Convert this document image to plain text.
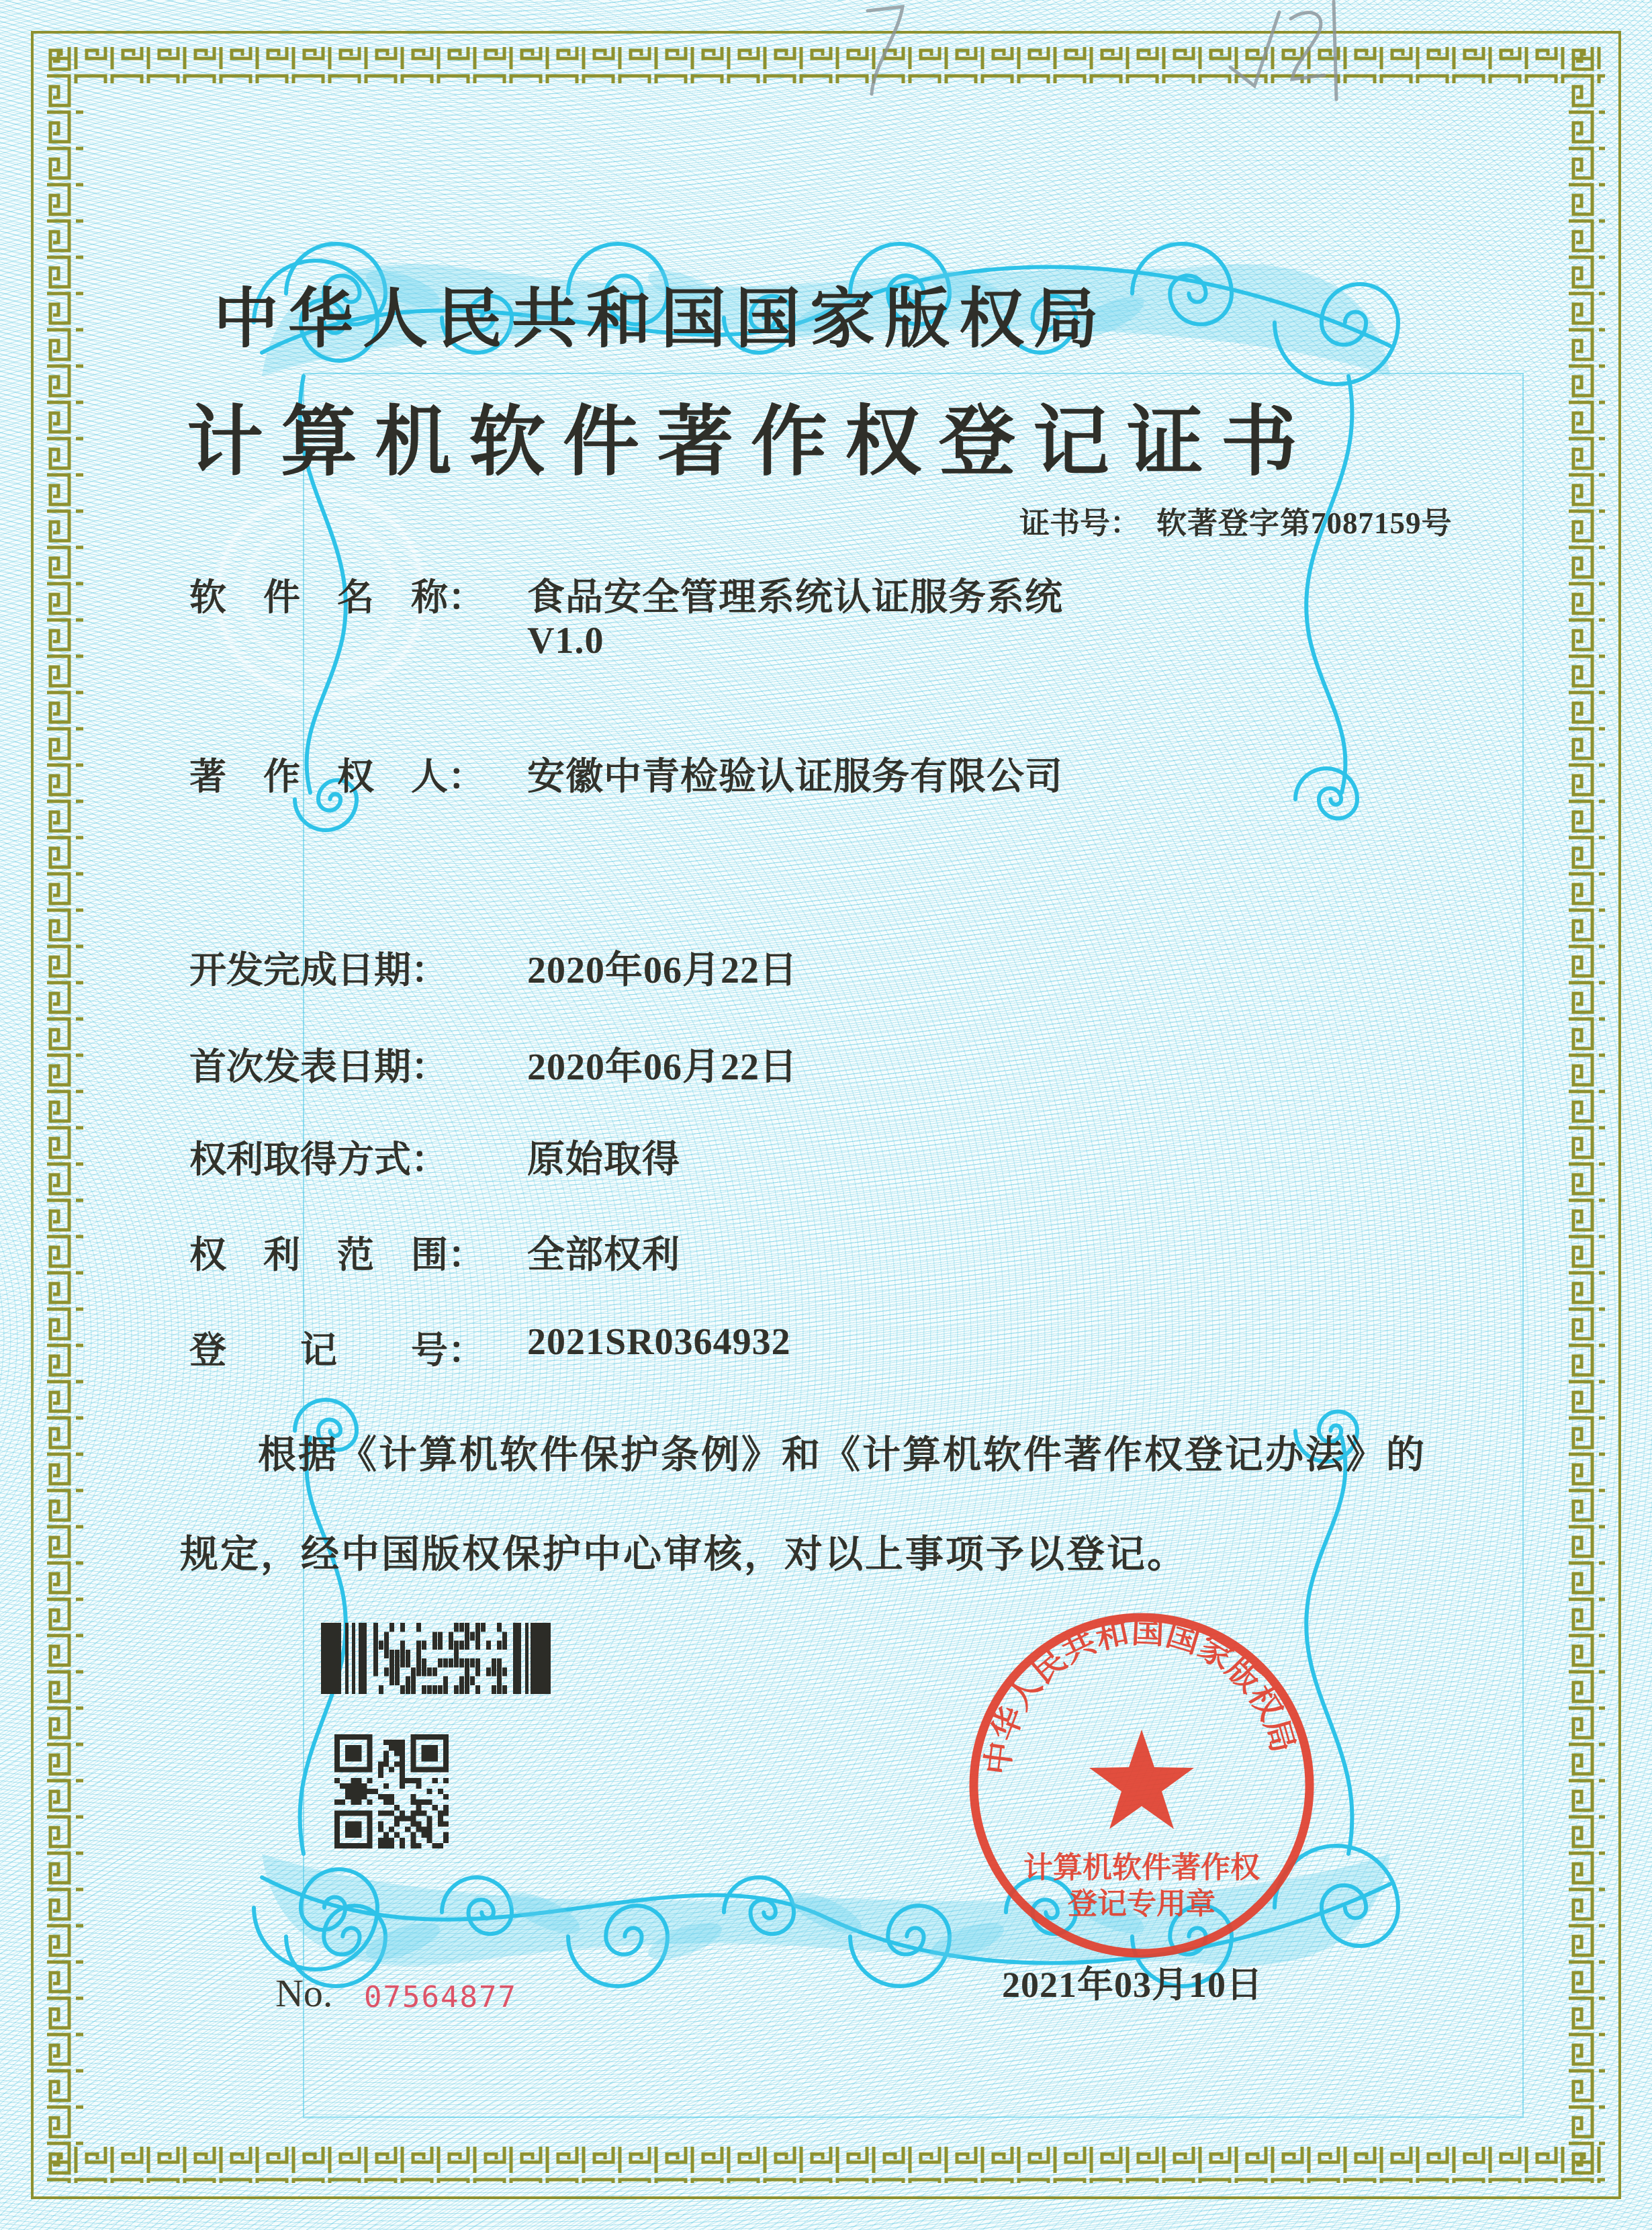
中华人民共和国国家版权局
计算机软件著作权登记证书
证书号： 软著登字第7087159号
软　件　名　称： 食品安全管理系统认证服务系统
V1.0
著　作　权　人： 安徽中青检验认证服务有限公司
开发完成日期： 2020年06月22日
首次发表日期： 2020年06月22日
权利取得方式： 原始取得
权　利　范　围： 全部权利
登　　记　　号： 2021SR0364932
根据《计算机软件保护条例》和《计算机软件著作权登记办法》的
规定，经中国版权保护中心审核，对以上事项予以登记。
No. 07564877	2021年03月10日
中华人民共和国国家版权局
计算机软件著作权
登记专用章
